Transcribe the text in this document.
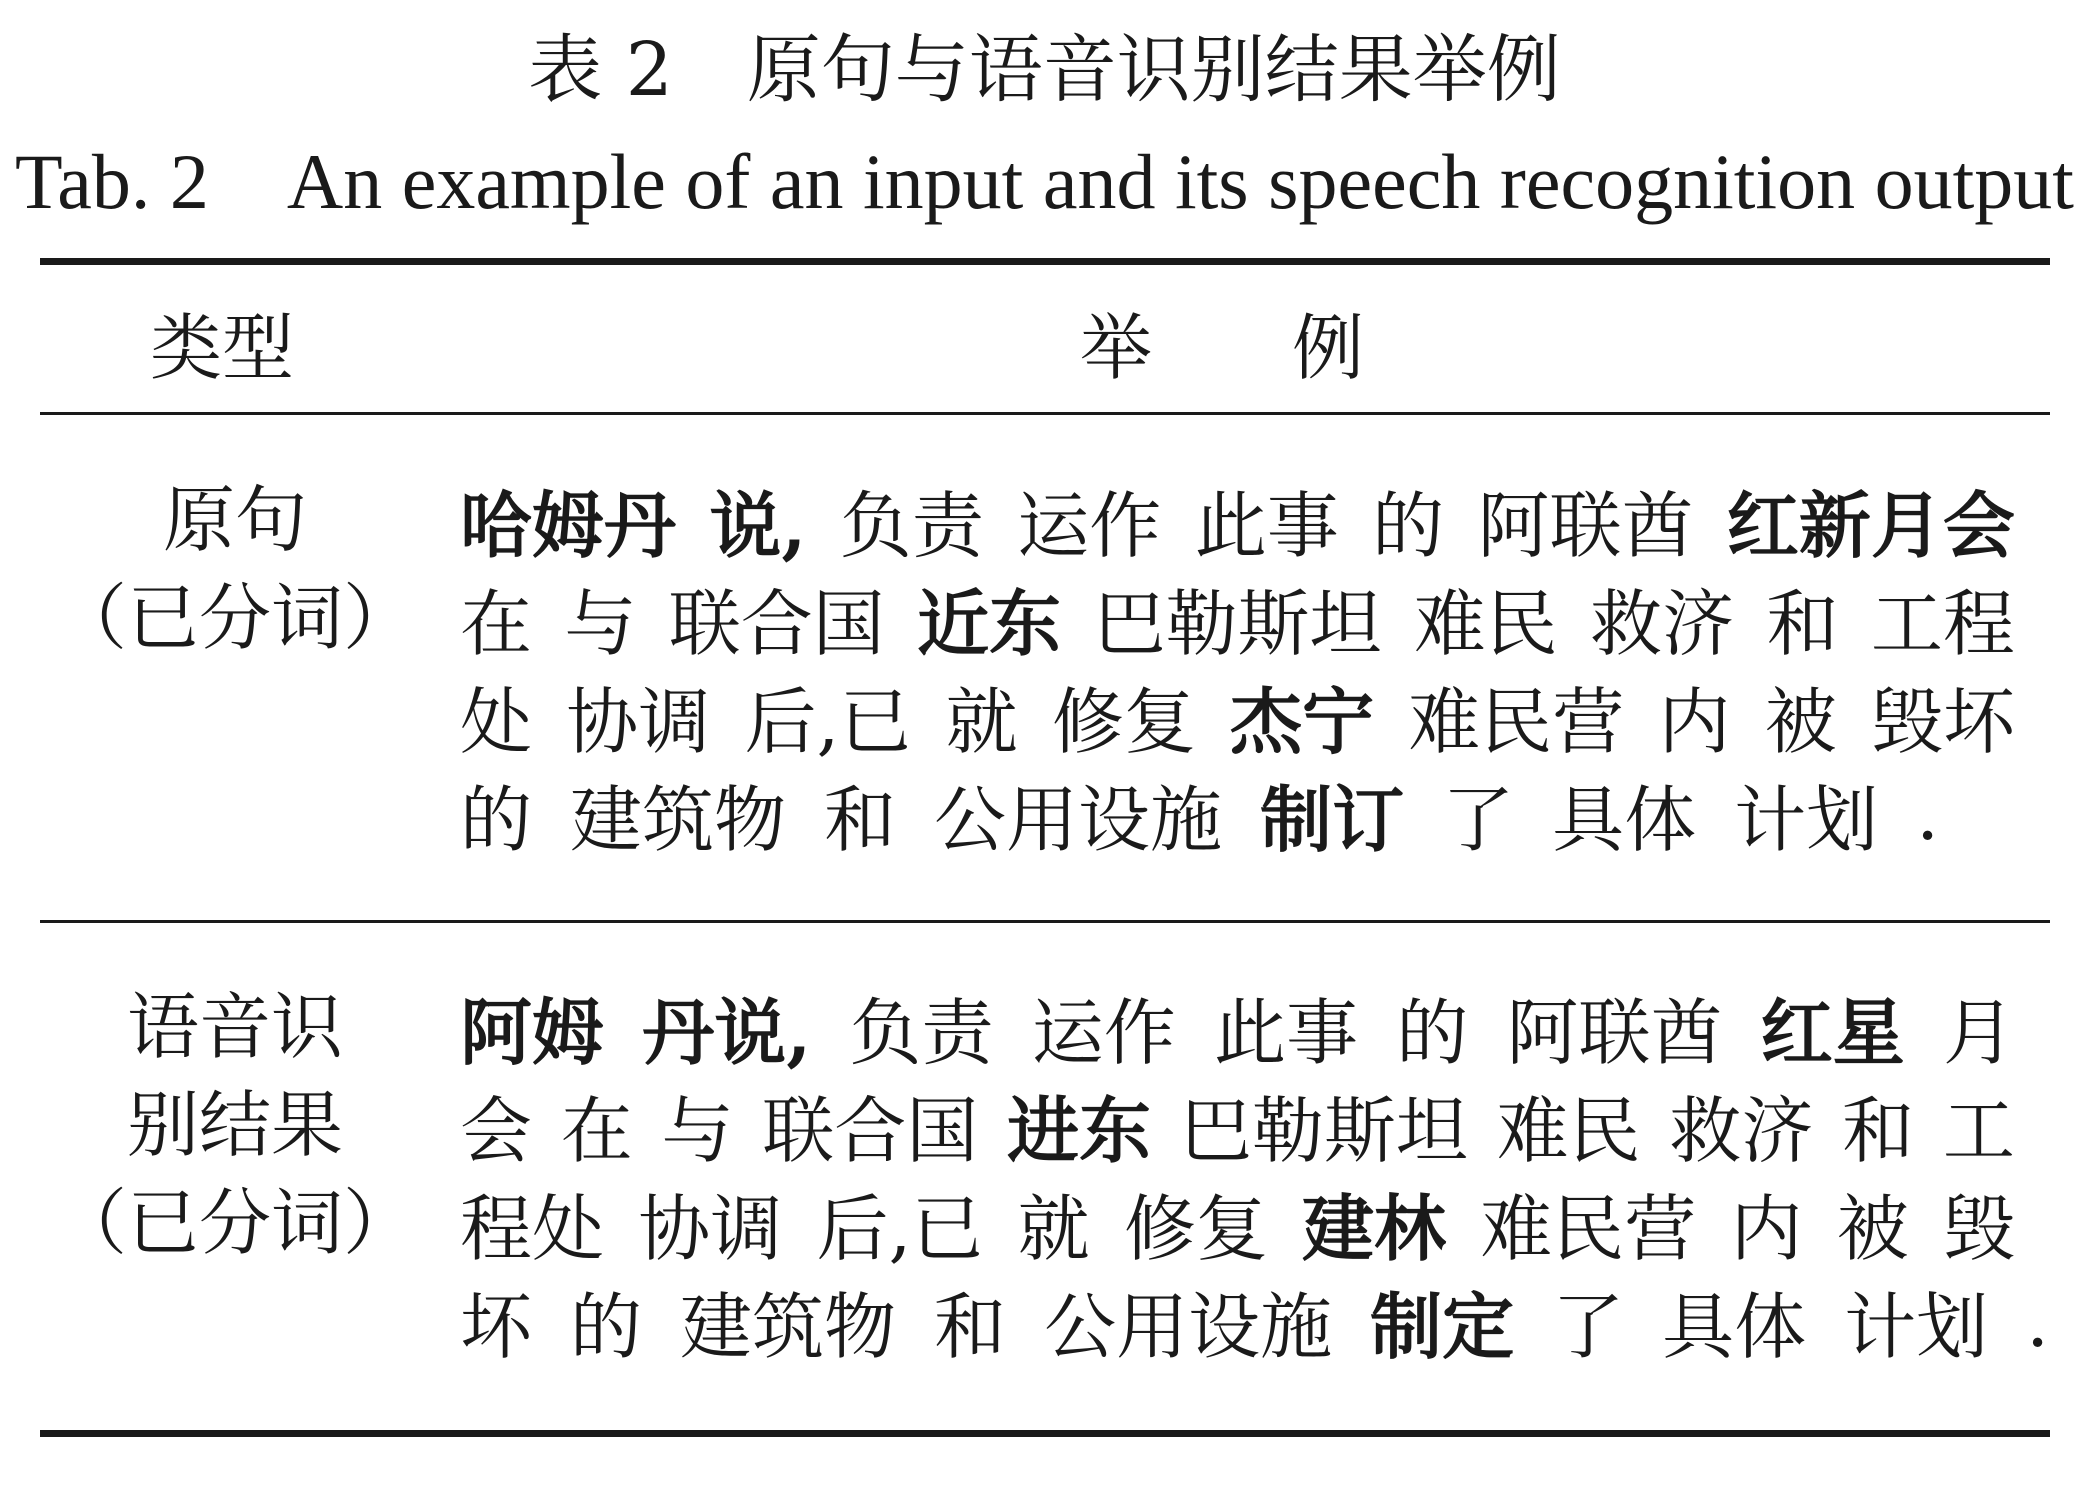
表 2　原句与语音识别结果举例
Tab. 2　An example of an input and its speech recognition output
类型	举例
原句
（已分词）
哈姆丹 说, 负责 运作 此事 的 阿联酋 红新月会
在 与 联合国 近东 巴勒斯坦 难民 救济 和 工程
处 协调 后,已 就 修复 杰宁 难民营 内 被 毁坏
的 建筑物 和 公用设施 制订 了 具体 计划 .
语音识
别结果
（已分词）
阿姆 丹说, 负责 运作 此事 的 阿联酋 红星 月
会 在 与 联合国 进东 巴勒斯坦 难民 救济 和 工
程处 协调 后,已 就 修复 建林 难民营 内 被 毁
坏 的 建筑物 和 公用设施 制定 了 具体 计划 .
